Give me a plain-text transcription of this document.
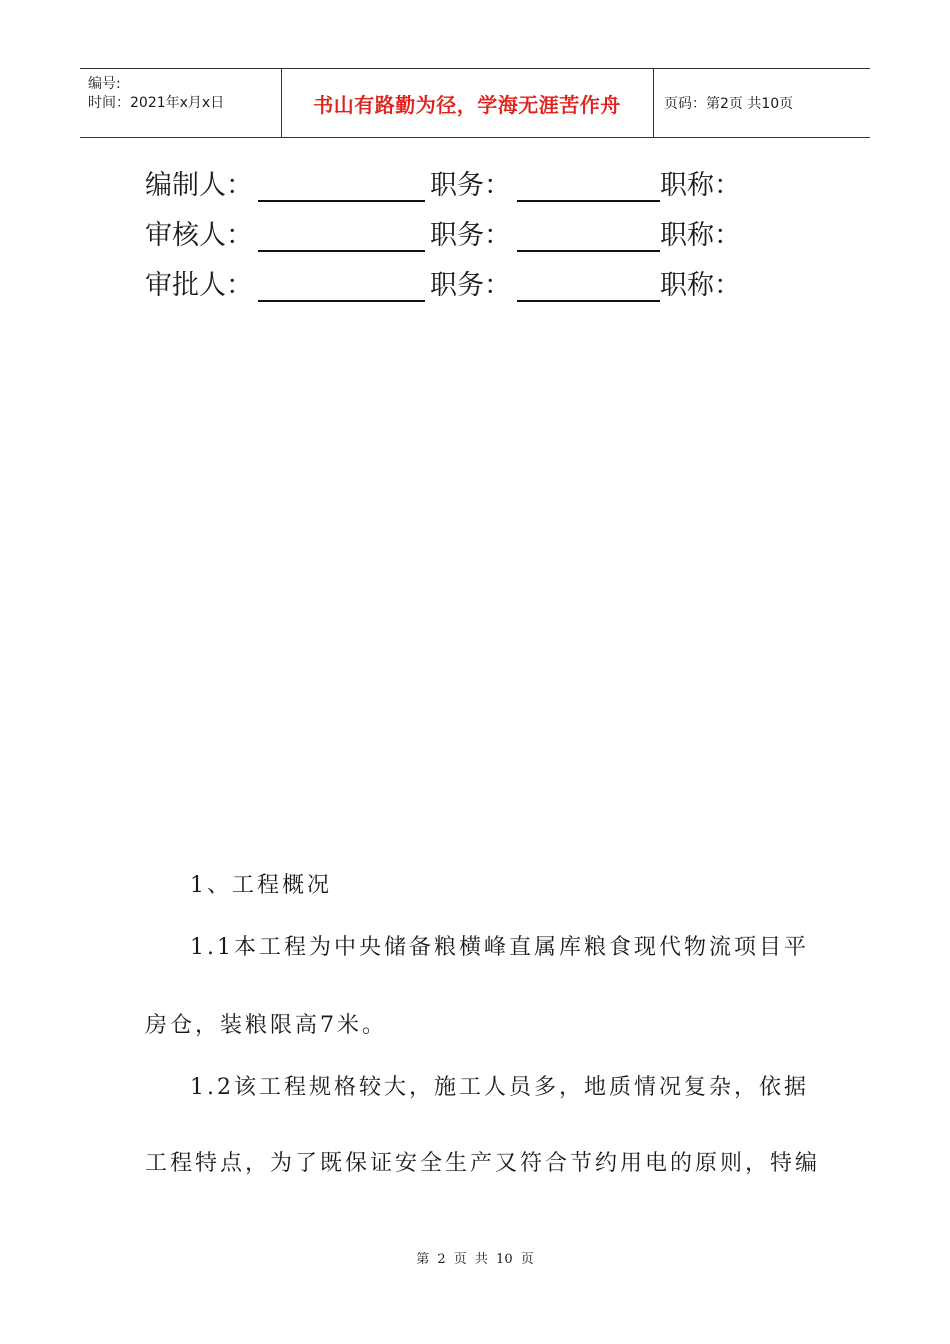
编号:
时间：2021年x月x日	书山有路勤为径，学海无涯苦作舟	页码：第2页 共10页
编制人：	职务：	职称：
审核人：	职务：	职称：
审批人：	职务：	职称：
1、工程概况
1.1本工程为中央储备粮横峰直属库粮食现代物流项目平
房仓，装粮限高7米。
1.2该工程规格较大，施工人员多，地质情况复杂，依据
工程特点，为了既保证安全生产又符合节约用电的原则，特编
第 2 页 共 10 页
